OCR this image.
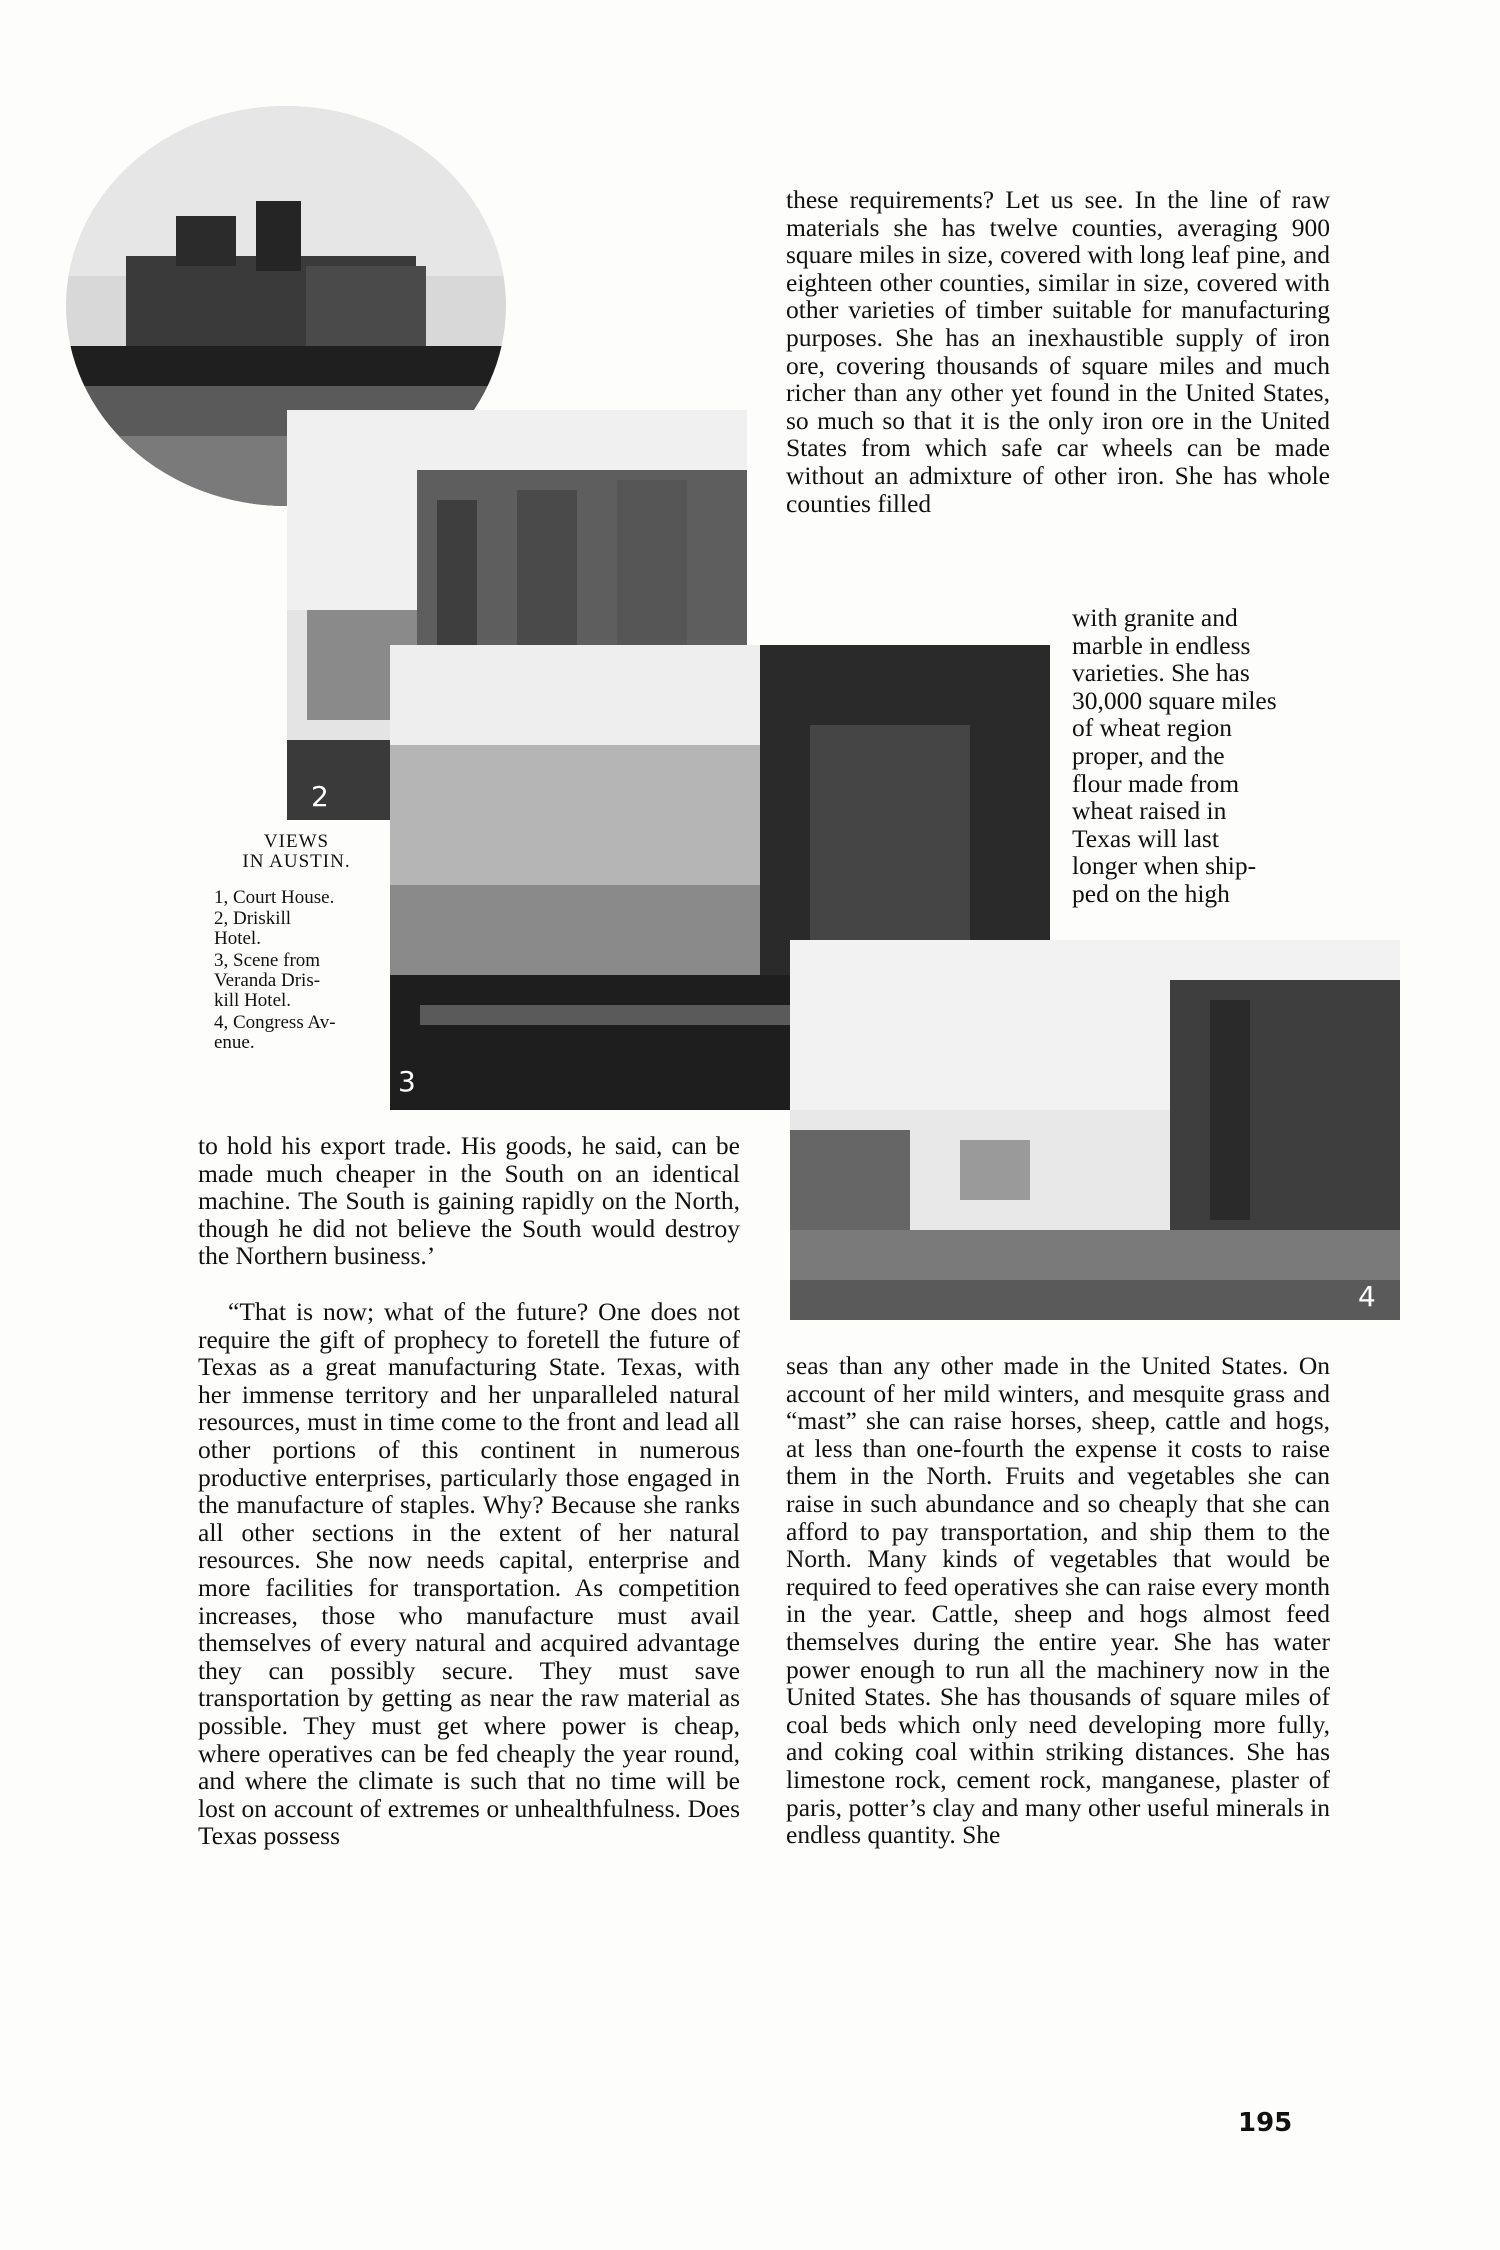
2
3
4
VIEWS
IN AUSTIN.
1, Court House.
2, Driskill
Hotel.
3, Scene from
Veranda Dris-
kill Hotel.
4, Congress Av-
enue.
these requirements? Let us see. In the line of raw materials she has twelve counties, averaging 900 square miles in size, covered with long leaf pine, and eighteen other counties, similar in size, covered with other varieties of timber suitable for manufacturing purposes. She has an inexhaustible supply of iron ore, covering thousands of square miles and much richer than any other yet found in the United States, so much so that it is the only iron ore in the United States from which safe car wheels can be made without an admixture of other iron. She has whole counties filled
with granite and
marble in endless
varieties. She has
30,000 square miles
of wheat region
proper, and the
flour made from
wheat raised in
Texas will last
longer when ship-
ped on the high
to hold his export trade. His goods, he said, can be made much cheaper in the South on an identical machine. The South is gaining rapidly on the North, though he did not believe the South would destroy the Northern business.’
“That is now; what of the future? One does not require the gift of prophecy to foretell the future of Texas as a great manufacturing State. Texas, with her immense territory and her unparalleled natural resources, must in time come to the front and lead all other portions of this continent in numerous productive enterprises, particularly those engaged in the manufacture of staples. Why? Because she ranks all other sections in the extent of her natural resources. She now needs capital, enterprise and more facilities for transportation. As competition increases, those who manufacture must avail themselves of every natural and acquired advantage they can possibly secure. They must save transportation by getting as near the raw material as possible. They must get where power is cheap, where operatives can be fed cheaply the year round, and where the climate is such that no time will be lost on account of extremes or unhealthfulness. Does Texas possess
seas than any other made in the United States. On account of her mild winters, and mesquite grass and “mast” she can raise horses, sheep, cattle and hogs, at less than one-fourth the expense it costs to raise them in the North. Fruits and vegetables she can raise in such abundance and so cheaply that she can afford to pay transportation, and ship them to the North. Many kinds of vegetables that would be required to feed operatives she can raise every month in the year. Cattle, sheep and hogs almost feed themselves during the entire year. She has water power enough to run all the machinery now in the United States. She has thousands of square miles of coal beds which only need developing more fully, and coking coal within striking distances. She has limestone rock, cement rock, manganese, plaster of paris, potter’s clay and many other useful minerals in endless quantity. She
195
